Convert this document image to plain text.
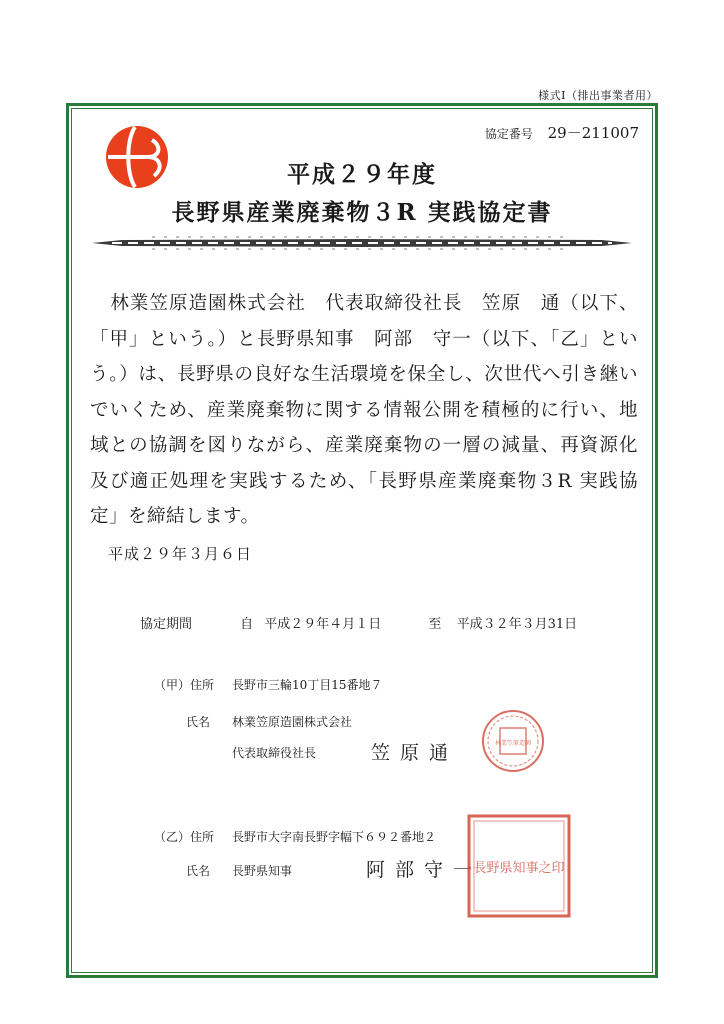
様式Ⅰ（排出事業者用）
協定番号 29－211007
平成２９年度
長野県産業廃棄物３R 実践協定書
林業笠原造園株式会社　代表取締役社長　笠原　通（以下、「甲」という。）と長野県知事　阿部　守一（以下、「乙」という。）は、長野県の良好な生活環境を保全し、次世代へ引き継いでいくため、産業廃棄物に関する情報公開を積極的に行い、地域との協調を図りながら、産業廃棄物の一層の減量、再資源化及び適正処理を実践するため、「長野県産業廃棄物３R 実践協定」を締結します。
平成２９年３月６日
協定期間	自 平成２９年４月１日	至 平成３２年３月31日
（甲）住所 長野市三輪10丁目15番地７
氏名 林業笠原造園株式会社
代表取締役社長	笠原通	林業笠原造園
（乙）住所 長野市大字南長野字幅下６９２番地２
氏名 長野県知事	阿部守一
長野県知事之印
